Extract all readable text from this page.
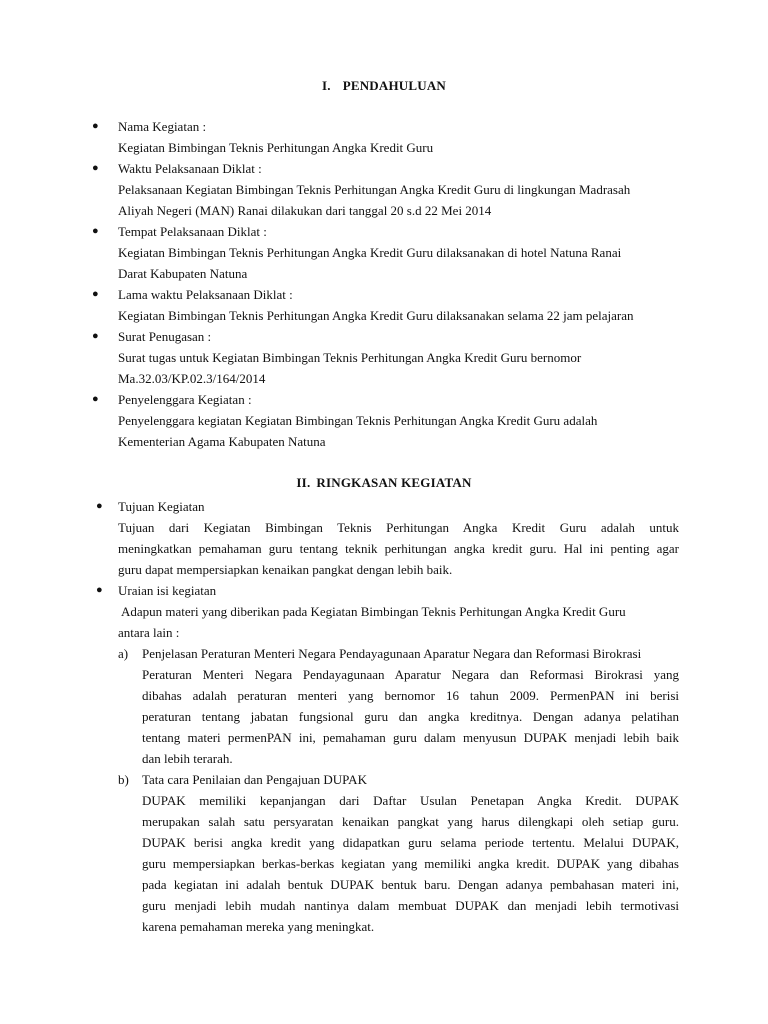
I. PENDAHULUAN
● Nama Kegiatan :
Kegiatan Bimbingan Teknis Perhitungan Angka Kredit Guru
● Waktu Pelaksanaan Diklat :
Pelaksanaan Kegiatan Bimbingan Teknis Perhitungan Angka Kredit Guru di lingkungan Madrasah
Aliyah Negeri (MAN) Ranai dilakukan dari tanggal 20 s.d 22 Mei 2014
● Tempat Pelaksanaan Diklat :
Kegiatan Bimbingan Teknis Perhitungan Angka Kredit Guru dilaksanakan di hotel Natuna Ranai
Darat Kabupaten Natuna
● Lama waktu Pelaksanaan Diklat :
Kegiatan Bimbingan Teknis Perhitungan Angka Kredit Guru dilaksanakan selama 22 jam pelajaran
● Surat Penugasan :
Surat tugas untuk Kegiatan Bimbingan Teknis Perhitungan Angka Kredit Guru bernomor
Ma.32.03/KP.02.3/164/2014
● Penyelenggara Kegiatan :
Penyelenggara kegiatan Kegiatan Bimbingan Teknis Perhitungan Angka Kredit Guru adalah
Kementerian Agama Kabupaten Natuna
II. RINGKASAN KEGIATAN
● Tujuan Kegiatan
Tujuan dari Kegiatan Bimbingan Teknis Perhitungan Angka Kredit Guru adalah untuk
meningkatkan pemahaman guru tentang teknik perhitungan angka kredit guru. Hal ini penting agar
guru dapat mempersiapkan kenaikan pangkat dengan lebih baik.
● Uraian isi kegiatan
Adapun materi yang diberikan pada Kegiatan Bimbingan Teknis Perhitungan Angka Kredit Guru
antara lain :
a) Penjelasan Peraturan Menteri Negara Pendayagunaan Aparatur Negara dan Reformasi Birokrasi
Peraturan Menteri Negara Pendayagunaan Aparatur Negara dan Reformasi Birokrasi yang
dibahas adalah peraturan menteri yang bernomor 16 tahun 2009. PermenPAN ini berisi
peraturan tentang jabatan fungsional guru dan angka kreditnya. Dengan adanya pelatihan
tentang materi permenPAN ini, pemahaman guru dalam menyusun DUPAK menjadi lebih baik
dan lebih terarah.
b) Tata cara Penilaian dan Pengajuan DUPAK
DUPAK memiliki kepanjangan dari Daftar Usulan Penetapan Angka Kredit. DUPAK
merupakan salah satu persyaratan kenaikan pangkat yang harus dilengkapi oleh setiap guru.
DUPAK berisi angka kredit yang didapatkan guru selama periode tertentu. Melalui DUPAK,
guru mempersiapkan berkas-berkas kegiatan yang memiliki angka kredit. DUPAK yang dibahas
pada kegiatan ini adalah bentuk DUPAK bentuk baru. Dengan adanya pembahasan materi ini,
guru menjadi lebih mudah nantinya dalam membuat DUPAK dan menjadi lebih termotivasi
karena pemahaman mereka yang meningkat.
